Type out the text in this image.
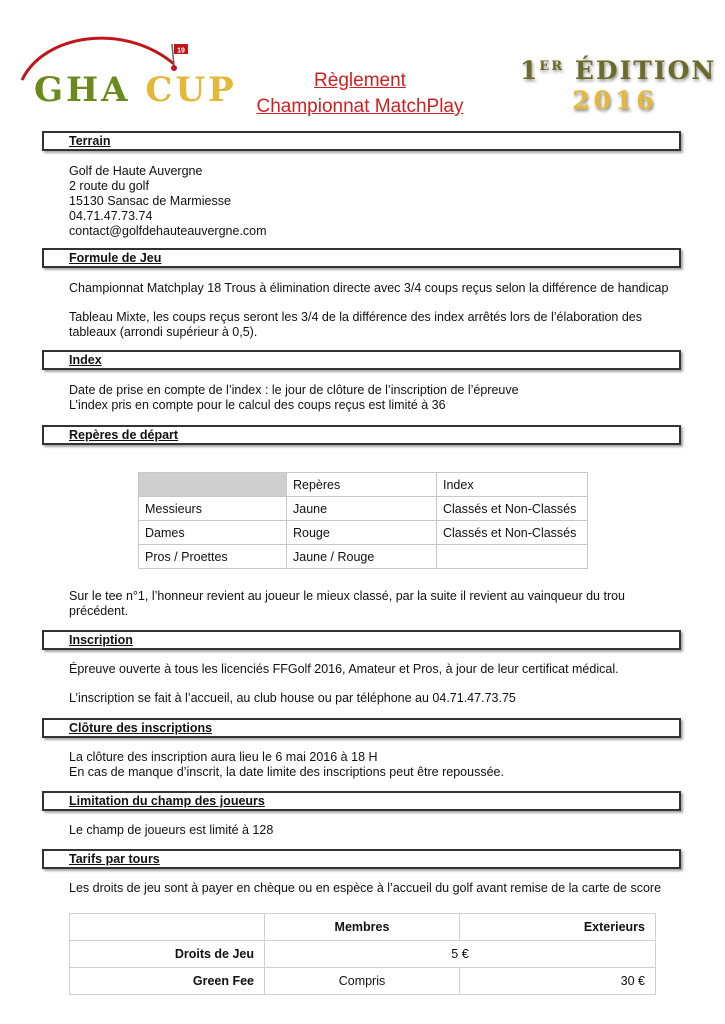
19
GHA CUP	Règlement
Championnat MatchPlay
1ER ÉDITION
2016
Terrain
Golf de Haute Auvergne
2 route du golf
15130 Sansac de Marmiesse
04.71.47.73.74
contact@golfdehauteauvergne.com
Formule de Jeu
Championnat Matchplay 18 Trous à élimination directe avec 3/4 coups reçus selon la différence de handicap
Tableau Mixte, les coups reçus seront les 3/4 de la différence des index arrêtés lors de l’élaboration des
tableaux (arrondi supérieur à 0,5).
Index
Date de prise en compte de l’index : le jour de clôture de l’inscription de l’épreuve
L’index pris en compte pour le calcul des coups reçus est limité à 36
Repères de départ
	Repères	Index
Messieurs	Jaune	Classés et Non-Classés
Dames	Rouge	Classés et Non-Classés
Pros / Proettes	Jaune / Rouge	
Sur le tee n°1, l’honneur revient au joueur le mieux classé, par la suite il revient au vainqueur du trou
précédent.
Inscription
Épreuve ouverte à tous les licenciés FFGolf 2016, Amateur et Pros, à jour de leur certificat médical.
L’inscription se fait à l’accueil, au club house ou par téléphone au 04.71.47.73.75
Clôture des inscriptions
La clôture des inscription aura lieu le 6 mai 2016 à 18 H
En cas de manque d’inscrit, la date limite des inscriptions peut être repoussée.
Limitation du champ des joueurs
Le champ de joueurs est limité à 128
Tarifs par tours
Les droits de jeu sont à payer en chèque ou en espèce à l’accueil du golf avant remise de la carte de score
	Membres	Exterieurs
Droits de Jeu	5 €	
Green Fee	Compris	30 €
